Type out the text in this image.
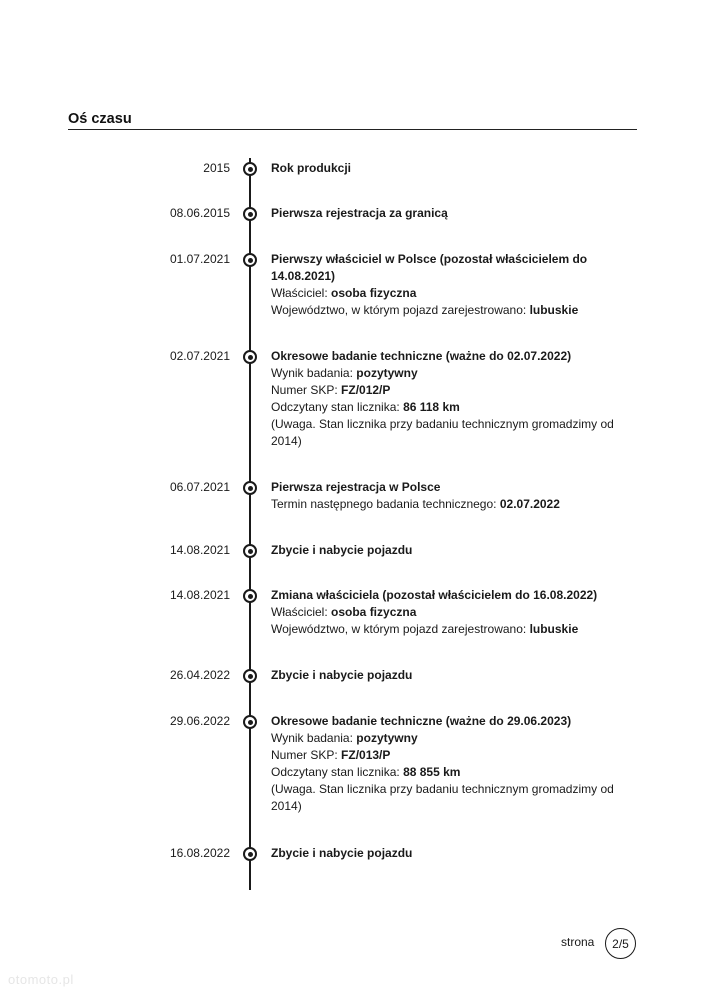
Oś czasu
2015	Rok produkcji
08.06.2015	Pierwsza rejestracja za granicą
01.07.2021	Pierwszy właściciel w Polsce (pozostał właścicielem do 14.08.2021)
Właściciel: osoba fizyczna
Województwo, w którym pojazd zarejestrowano: lubuskie
02.07.2021	Okresowe badanie techniczne (ważne do 02.07.2022)
Wynik badania: pozytywny
Numer SKP: FZ/012/P
Odczytany stan licznika: 86 118 km
(Uwaga. Stan licznika przy badaniu technicznym gromadzimy od 2014)
06.07.2021	Pierwsza rejestracja w Polsce
Termin następnego badania technicznego: 02.07.2022
14.08.2021	Zbycie i nabycie pojazdu
14.08.2021	Zmiana właściciela (pozostał właścicielem do 16.08.2022)
Właściciel: osoba fizyczna
Województwo, w którym pojazd zarejestrowano: lubuskie
26.04.2022	Zbycie i nabycie pojazdu
29.06.2022	Okresowe badanie techniczne (ważne do 29.06.2023)
Wynik badania: pozytywny
Numer SKP: FZ/013/P
Odczytany stan licznika: 88 855 km
(Uwaga. Stan licznika przy badaniu technicznym gromadzimy od 2014)
16.08.2022	Zbycie i nabycie pojazdu
strona	2/5
otomoto.pl
